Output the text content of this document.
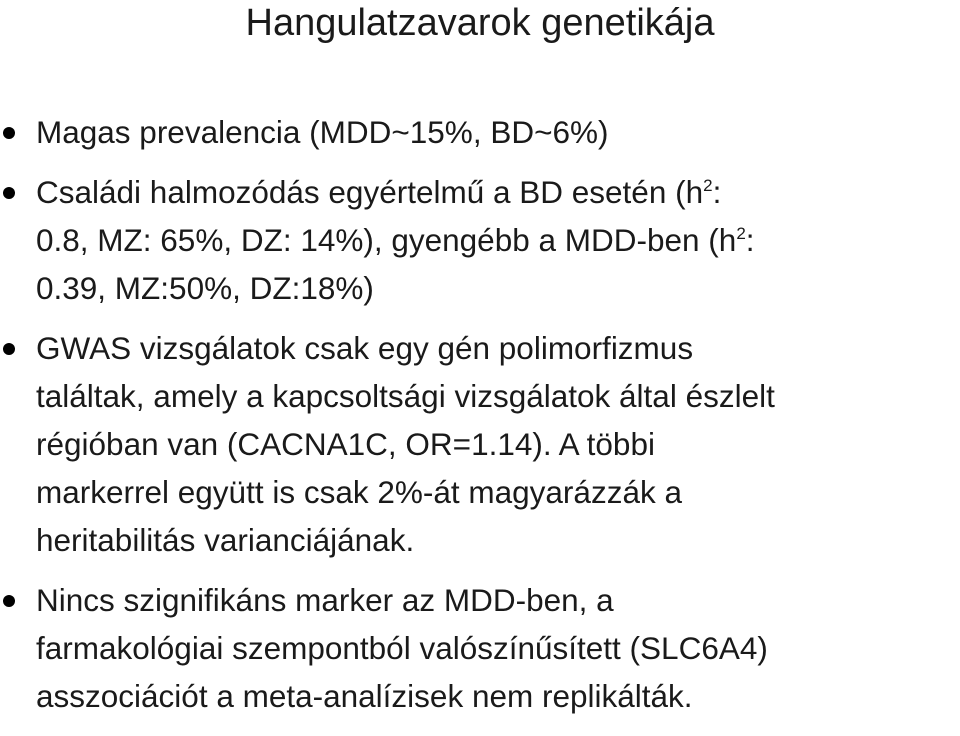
Hangulatzavarok genetikája
Magas prevalencia (MDD~15%, BD~6%)
Családi halmozódás egyértelmű a BD esetén ($h^2$:
0.8, MZ: 65%, DZ: 14%), gyengébb a MDD-ben ($h^2$:
0.39, MZ:50%, DZ:18%)
GWAS vizsgálatok csak egy gén polimorfizmus
találtak, amely a kapcsoltsági vizsgálatok által észlelt
régióban van (CACNA1C, OR=1.14). A többi
markerrel együtt is csak 2%-át magyarázzák a
heritabilitás varianciájának.
Nincs szignifikáns marker az MDD-ben, a
farmakológiai szempontból valószínűsített (SLC6A4)
asszociációt a meta-analízisek nem replikálták.
